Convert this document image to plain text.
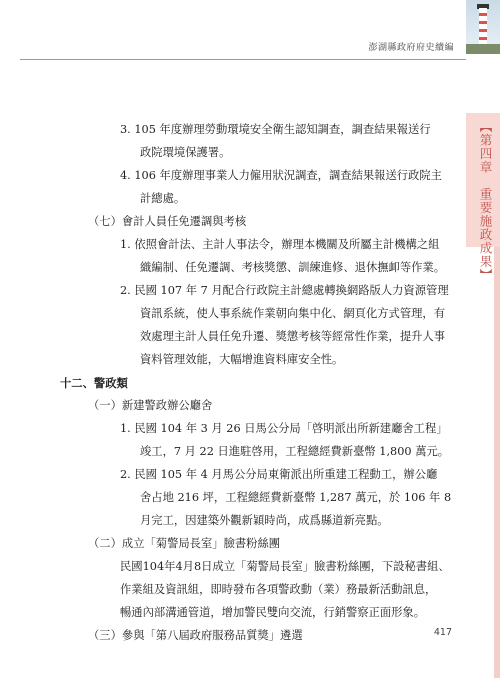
澎湖縣政府府史續編
【第四章　重要施政成果】
3. 105 年度辦理勞動環境安全衛生認知調查，調查結果報送行
政院環境保護署。
4. 106 年度辦理事業人力僱用狀況調查，調查結果報送行政院主
計總處。
（七）會計人員任免遷調與考核
1. 依照會計法、主計人事法令，辦理本機關及所屬主計機構之組
織編制、任免遷調、考核獎懲、訓練進修、退休撫卹等作業。
2. 民國 107 年 7 月配合行政院主計總處轉換網路版人力資源管理
資訊系統，使人事系統作業朝向集中化、網頁化方式管理，有
效處理主計人員任免升遷、獎懲考核等經常性作業，提升人事
資料管理效能，大幅增進資料庫安全性。
十二、警政類
（一）新建警政辦公廳舍
1. 民國 104 年 3 月 26 日馬公分局「啓明派出所新建廳舍工程」
竣工，7 月 22 日進駐啓用，工程總經費新臺幣 1,800 萬元。
2. 民國 105 年 4 月馬公分局東衛派出所重建工程動工，辦公廳
舍占地 216 坪，工程總經費新臺幣 1,287 萬元，於 106 年 8
月完工，因建築外觀新穎時尚，成爲縣道新亮點。
（二）成立「菊警局長室」臉書粉絲團
民國104年4月8日成立「菊警局長室」臉書粉絲團，下設秘書組、
作業組及資訊組，即時發布各項警政動（業）務最新活動訊息，
暢通內部溝通管道，增加警民雙向交流，行銷警察正面形象。
（三）參與「第八屆政府服務品質獎」遴選	417
